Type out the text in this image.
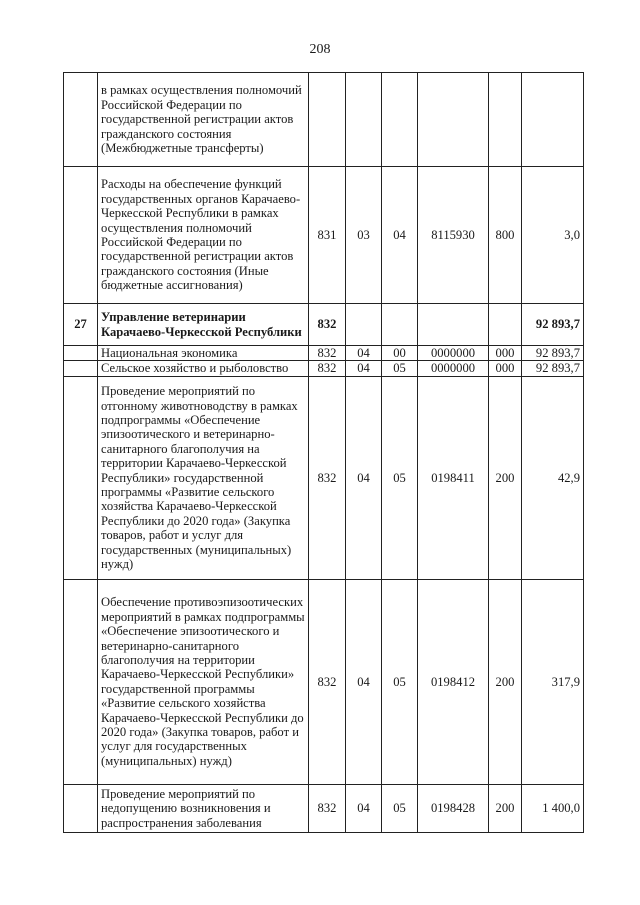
208
	в рамках осуществления полномочий Российской Федерации по государственной регистрации актов гражданского состояния (Межбюджетные трансферты)						
	Расходы на обеспечение функций государственных органов Карачаево-Черкесской Республики в рамках осуществления полномочий Российской Федерации по государственной регистрации актов гражданского состояния (Иные бюджетные ассигнования)	831	03	04	8115930	800	3,0
27	Управление ветеринарии Карачаево-Черкесской Республики	832					92 893,7
	Национальная экономика	832	04	00	0000000	000	92 893,7
	Сельское хозяйство и рыболовство	832	04	05	0000000	000	92 893,7
	Проведение мероприятий по отгонному животноводству в рамках подпрограммы «Обеспечение эпизоотического и ветеринарно-санитарного благополучия на территории Карачаево-Черкесской Республики» государственной программы «Развитие сельского хозяйства Карачаево-Черкесской Республики до 2020 года» (Закупка товаров, работ и услуг для государственных (муниципальных) нужд)	832	04	05	0198411	200	42,9
	Обеспечение противоэпизоотических мероприятий в рамках подпрограммы «Обеспечение эпизоотического и ветеринарно-санитарного благополучия на территории Карачаево-Черкесской Республики» государственной программы «Развитие сельского хозяйства Карачаево-Черкесской Республики до 2020 года» (Закупка товаров, работ и услуг для государственных (муниципальных) нужд)	832	04	05	0198412	200	317,9
	Проведение мероприятий по недопущению возникновения и распространения заболевания	832	04	05	0198428	200	1 400,0
